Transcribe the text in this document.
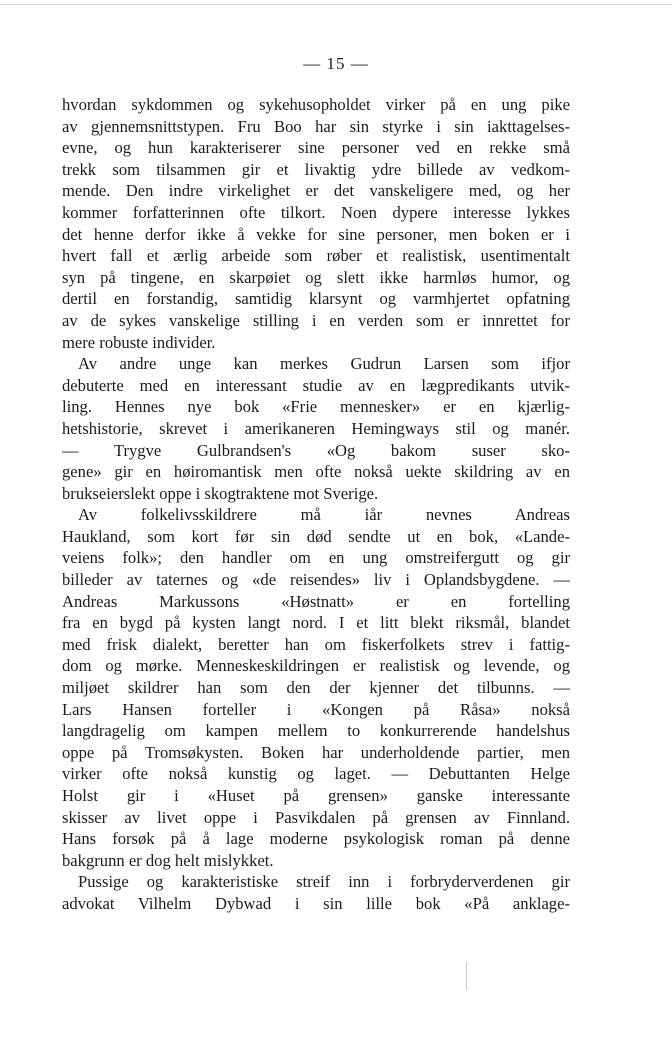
— 15 —
hvordan sykdommen og sykehusopholdet virker på en ung pike
av gjennemsnittstypen. Fru Boo har sin styrke i sin iakttagelses-
evne, og hun karakteriserer sine personer ved en rekke små
trekk som tilsammen gir et livaktig ydre billede av vedkom-
mende. Den indre virkelighet er det vanskeligere med, og her
kommer forfatterinnen ofte tilkort. Noen dypere interesse lykkes
det henne derfor ikke å vekke for sine personer, men boken er i
hvert fall et ærlig arbeide som røber et realistisk, usentimentalt
syn på tingene, en skarpøiet og slett ikke harmløs humor, og
dertil en forstandig, samtidig klarsynt og varmhjertet opfatning
av de sykes vanskelige stilling i en verden som er innrettet for
mere robuste individer.
Av andre unge kan merkes Gudrun Larsen som ifjor
debuterte med en interessant studie av en lægpredikants utvik-
ling. Hennes nye bok «Frie mennesker» er en kjærlig-
hetshistorie, skrevet i amerikaneren Hemingways stil og manér.
— Trygve Gulbrandsen's «Og bakom suser sko-
gene» gir en høiromantisk men ofte nokså uekte skildring av en
brukseierslekt oppe i skogtraktene mot Sverige.
Av folkelivsskildrere må iår nevnes Andreas
Haukland, som kort før sin død sendte ut en bok, «Lande-
veiens folk»; den handler om en ung omstreifergutt og gir
billeder av taternes og «de reisendes» liv i Oplandsbygdene. —
Andreas Markussons «Høstnatt» er en fortelling
fra en bygd på kysten langt nord. I et litt blekt riksmål, blandet
med frisk dialekt, beretter han om fiskerfolkets strev i fattig-
dom og mørke. Menneskeskildringen er realistisk og levende, og
miljøet skildrer han som den der kjenner det tilbunns. —
Lars Hansen forteller i «Kongen på Råsa» nokså
langdragelig om kampen mellem to konkurrerende handelshus
oppe på Tromsøkysten. Boken har underholdende partier, men
virker ofte nokså kunstig og laget. — Debuttanten Helge
Holst gir i «Huset på grensen» ganske interessante
skisser av livet oppe i Pasvikdalen på grensen av Finnland.
Hans forsøk på å lage moderne psykologisk roman på denne
bakgrunn er dog helt mislykket.
Pussige og karakteristiske streif inn i forbryderverdenen gir
advokat Vilhelm Dybwad i sin lille bok «På anklage-
